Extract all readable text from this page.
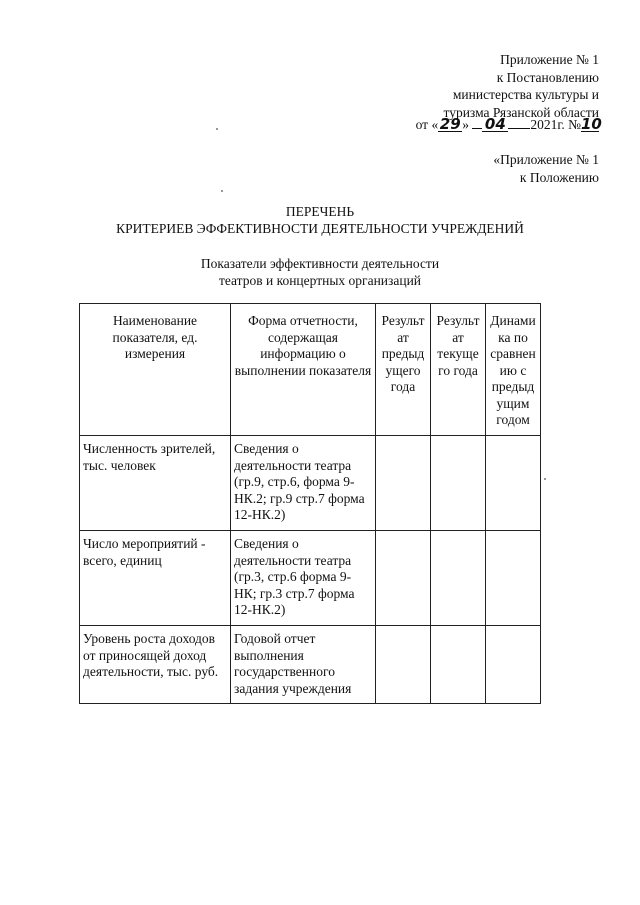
Приложение № 1
к Постановлению
министерства культуры и
туризма Рязанской области
от « 29 » 04 2021г. №10
«Приложение № 1
к Положению
ПЕРЕЧЕНЬ
КРИТЕРИЕВ ЭФФЕКТИВНОСТИ ДЕЯТЕЛЬНОСТИ УЧРЕЖДЕНИЙ
Показатели эффективности деятельности
театров и концертных организаций
Наименование показателя, ед. измерения	Форма отчетности, содержащая информацию о выполнении показателя	Результ ат предыд ущего года	Результ ат текуще го года	Динами ка по сравнен ию с предыд ущим годом
Численность зрителей, тыс. человек	Сведения о деятельности театра (гр.9, стр.6, форма 9-НК.2; гр.9 стр.7 форма 12-НК.2)			
Число мероприятий - всего, единиц	Сведения о деятельности театра (гр.3, стр.6 форма 9-НК; гр.3 стр.7 форма 12-НК.2)			
Уровень роста доходов от приносящей доход деятельности, тыс. руб.	Годовой отчет выполнения государственного задания учреждения			
